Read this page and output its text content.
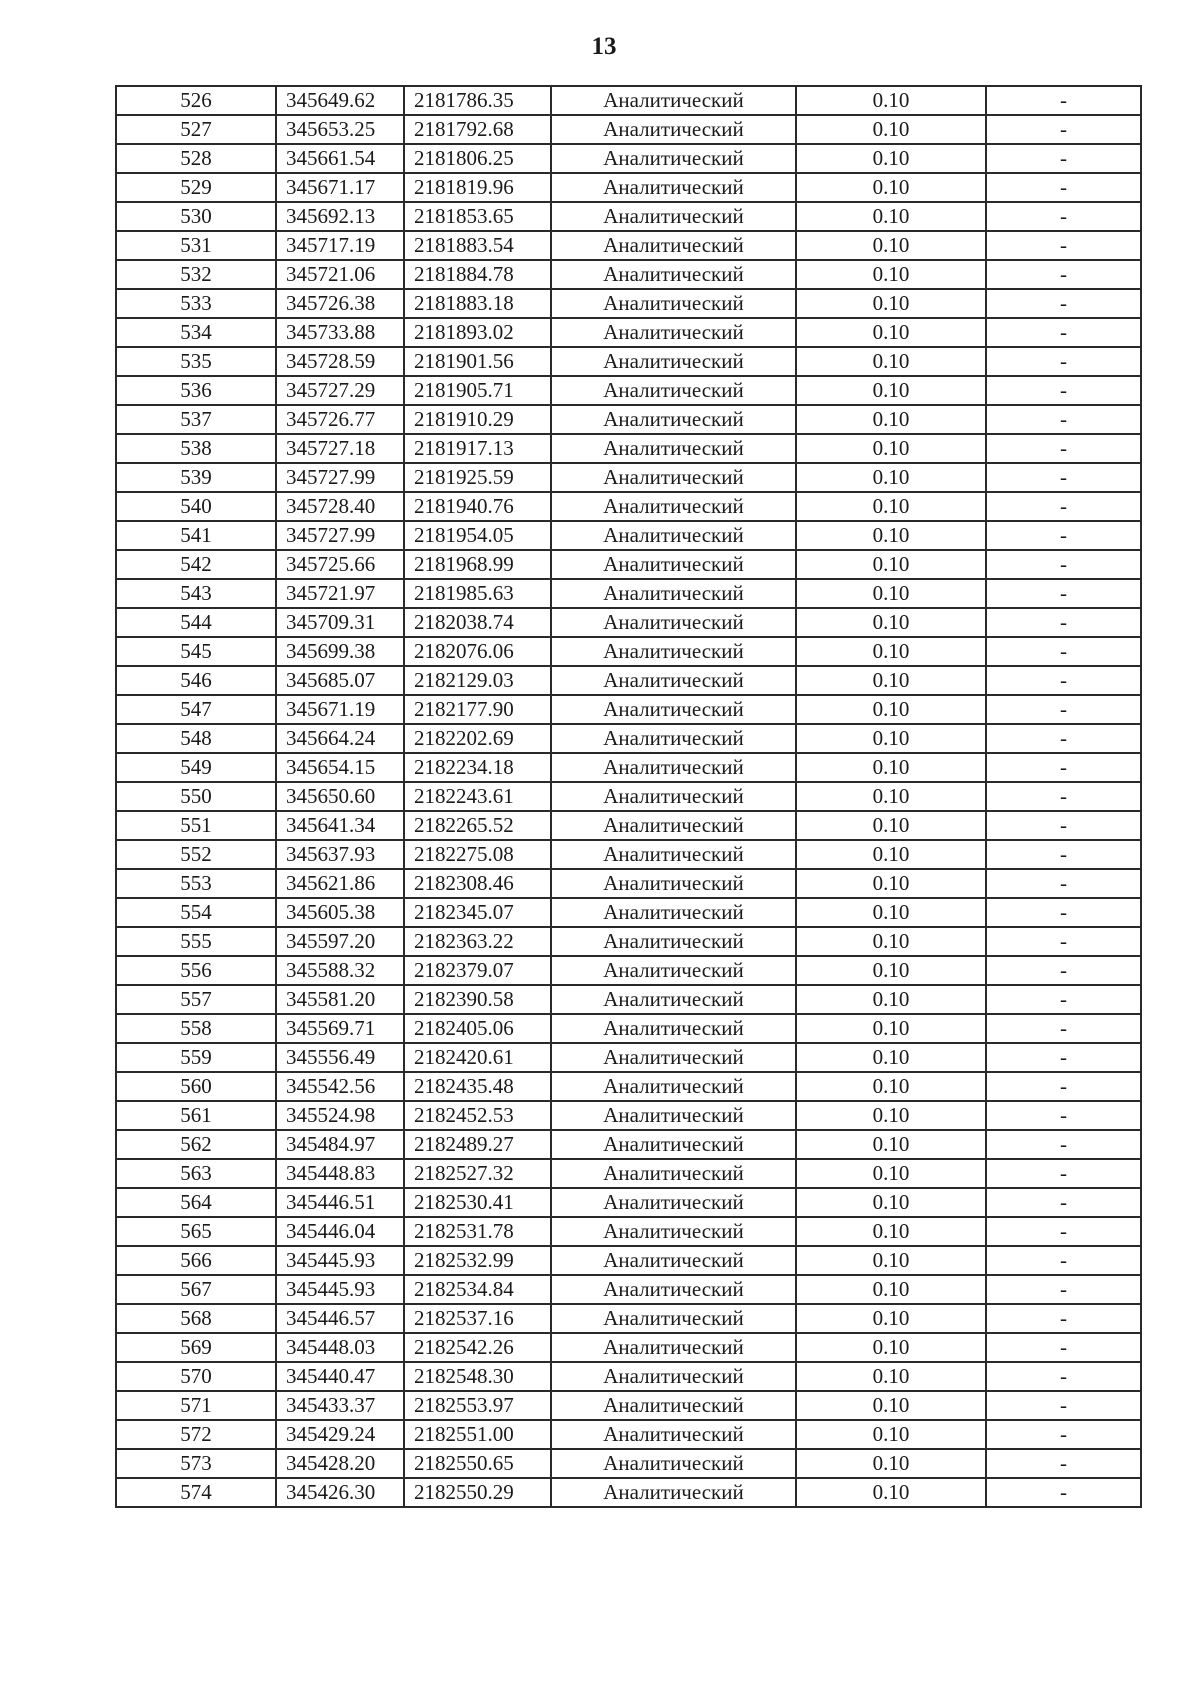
13
526	345649.62	2181786.35	Аналитический	0.10	-
527	345653.25	2181792.68	Аналитический	0.10	-
528	345661.54	2181806.25	Аналитический	0.10	-
529	345671.17	2181819.96	Аналитический	0.10	-
530	345692.13	2181853.65	Аналитический	0.10	-
531	345717.19	2181883.54	Аналитический	0.10	-
532	345721.06	2181884.78	Аналитический	0.10	-
533	345726.38	2181883.18	Аналитический	0.10	-
534	345733.88	2181893.02	Аналитический	0.10	-
535	345728.59	2181901.56	Аналитический	0.10	-
536	345727.29	2181905.71	Аналитический	0.10	-
537	345726.77	2181910.29	Аналитический	0.10	-
538	345727.18	2181917.13	Аналитический	0.10	-
539	345727.99	2181925.59	Аналитический	0.10	-
540	345728.40	2181940.76	Аналитический	0.10	-
541	345727.99	2181954.05	Аналитический	0.10	-
542	345725.66	2181968.99	Аналитический	0.10	-
543	345721.97	2181985.63	Аналитический	0.10	-
544	345709.31	2182038.74	Аналитический	0.10	-
545	345699.38	2182076.06	Аналитический	0.10	-
546	345685.07	2182129.03	Аналитический	0.10	-
547	345671.19	2182177.90	Аналитический	0.10	-
548	345664.24	2182202.69	Аналитический	0.10	-
549	345654.15	2182234.18	Аналитический	0.10	-
550	345650.60	2182243.61	Аналитический	0.10	-
551	345641.34	2182265.52	Аналитический	0.10	-
552	345637.93	2182275.08	Аналитический	0.10	-
553	345621.86	2182308.46	Аналитический	0.10	-
554	345605.38	2182345.07	Аналитический	0.10	-
555	345597.20	2182363.22	Аналитический	0.10	-
556	345588.32	2182379.07	Аналитический	0.10	-
557	345581.20	2182390.58	Аналитический	0.10	-
558	345569.71	2182405.06	Аналитический	0.10	-
559	345556.49	2182420.61	Аналитический	0.10	-
560	345542.56	2182435.48	Аналитический	0.10	-
561	345524.98	2182452.53	Аналитический	0.10	-
562	345484.97	2182489.27	Аналитический	0.10	-
563	345448.83	2182527.32	Аналитический	0.10	-
564	345446.51	2182530.41	Аналитический	0.10	-
565	345446.04	2182531.78	Аналитический	0.10	-
566	345445.93	2182532.99	Аналитический	0.10	-
567	345445.93	2182534.84	Аналитический	0.10	-
568	345446.57	2182537.16	Аналитический	0.10	-
569	345448.03	2182542.26	Аналитический	0.10	-
570	345440.47	2182548.30	Аналитический	0.10	-
571	345433.37	2182553.97	Аналитический	0.10	-
572	345429.24	2182551.00	Аналитический	0.10	-
573	345428.20	2182550.65	Аналитический	0.10	-
574	345426.30	2182550.29	Аналитический	0.10	-
